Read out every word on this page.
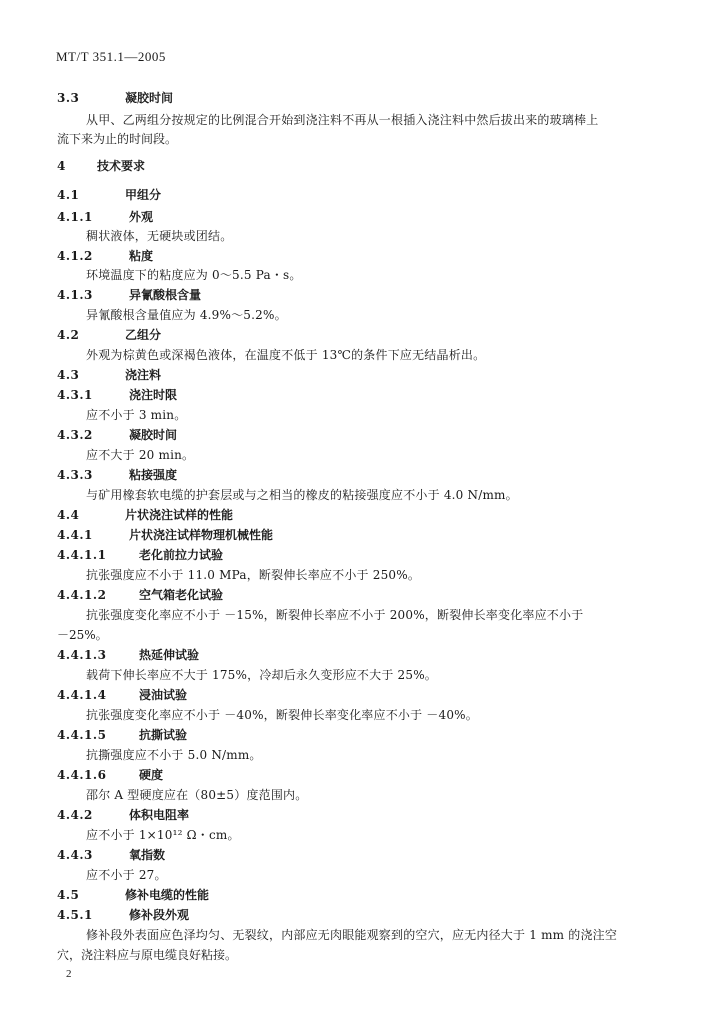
MT/T 351.1—2005
3.3	凝胶时间
从甲、乙两组分按规定的比例混合开始到浇注料不再从一根插入浇注料中然后拔出来的玻璃棒上
流下来为止的时间段。
4	技术要求
4.1	甲组分
4.1.1	外观
稠状液体，无硬块或团结。
4.1.2	粘度
环境温度下的粘度应为 0～5.5 Pa・s。
4.1.3	异氰酸根含量
异氰酸根含量值应为 4.9%～5.2%。
4.2	乙组分
外观为棕黄色或深褐色液体，在温度不低于 13℃的条件下应无结晶析出。
4.3	浇注料
4.3.1	浇注时限
应不小于 3 min。
4.3.2	凝胶时间
应不大于 20 min。
4.3.3	粘接强度
与矿用橡套软电缆的护套层或与之相当的橡皮的粘接强度应不小于 4.0 N/mm。
4.4	片状浇注试样的性能
4.4.1	片状浇注试样物理机械性能
4.4.1.1	老化前拉力试验
抗张强度应不小于 11.0 MPa，断裂伸长率应不小于 250%。
4.4.1.2	空气箱老化试验
抗张强度变化率应不小于 －15%，断裂伸长率应不小于 200%，断裂伸长率变化率应不小于
－25%。
4.4.1.3	热延伸试验
载荷下伸长率应不大于 175%，冷却后永久变形应不大于 25%。
4.4.1.4	浸油试验
抗张强度变化率应不小于 －40%，断裂伸长率变化率应不小于 －40%。
4.4.1.5	抗撕试验
抗撕强度应不小于 5.0 N/mm。
4.4.1.6	硬度
邵尔 A 型硬度应在（80±5）度范围内。
4.4.2	体积电阻率
应不小于 1×10¹² Ω・cm。
4.4.3	氧指数
应不小于 27。
4.5	修补电缆的性能
4.5.1	修补段外观
修补段外表面应色泽均匀、无裂纹，内部应无肉眼能观察到的空穴，应无内径大于 1 mm 的浇注空
穴，浇注料应与原电缆良好粘接。
2
